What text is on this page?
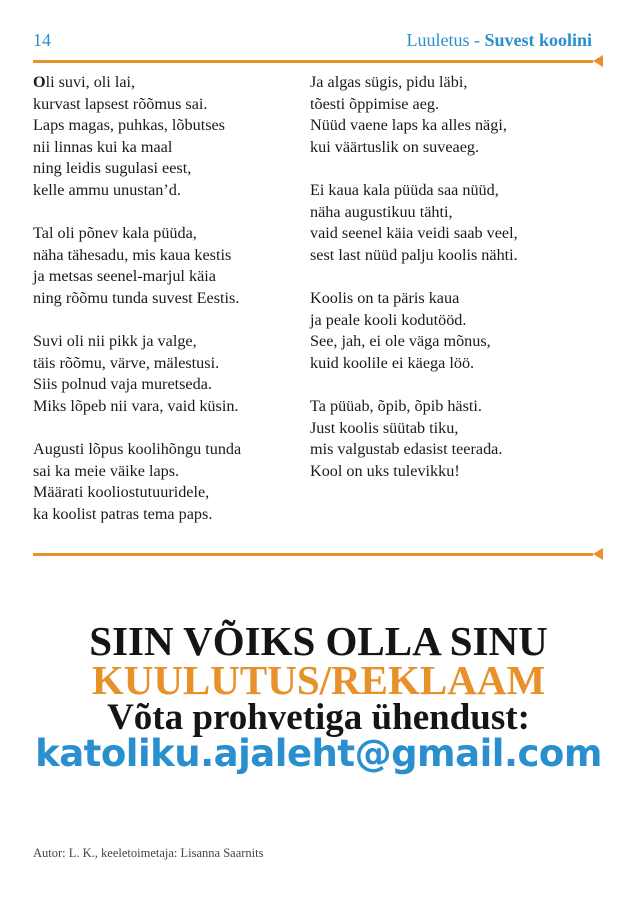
14	Luuletus - Suvest koolini
Oli suvi, oli lai,
kurvast lapsest rõõmus sai.
Laps magas, puhkas, lõbutses
nii linnas kui ka maal
ning leidis sugulasi eest,
kelle ammu unustan’d.
Tal oli põnev kala püüda,
näha tähesadu, mis kaua kestis
ja metsas seenel-marjul käia
ning rõõmu tunda suvest Eestis.
Suvi oli nii pikk ja valge,
täis rõõmu, värve, mälestusi.
Siis polnud vaja muretseda.
Miks lõpeb nii vara, vaid küsin.
Augusti lõpus koolihõngu tunda
sai ka meie väike laps.
Määrati kooliostutuuridele,
ka koolist patras tema paps.
Ja algas sügis, pidu läbi,
tõesti õppimise aeg.
Nüüd vaene laps ka alles nägi,
kui väärtuslik on suveaeg.
Ei kaua kala püüda saa nüüd,
näha augustikuu tähti,
vaid seenel käia veidi saab veel,
sest last nüüd palju koolis nähti.
Koolis on ta päris kaua
ja peale kooli kodutööd.
See, jah, ei ole väga mõnus,
kuid koolile ei käega löö.
Ta püüab, õpib, õpib hästi.
Just koolis süütab tiku,
mis valgustab edasist teerada.
Kool on uks tulevikku!
SIIN VÕIKS OLLA SINU
KUULUTUS/REKLAAM
Võta prohvetiga ühendust:
katoliku.ajaleht@gmail.com
Autor: L. K., keeletoimetaja: Lisanna Saarnits
